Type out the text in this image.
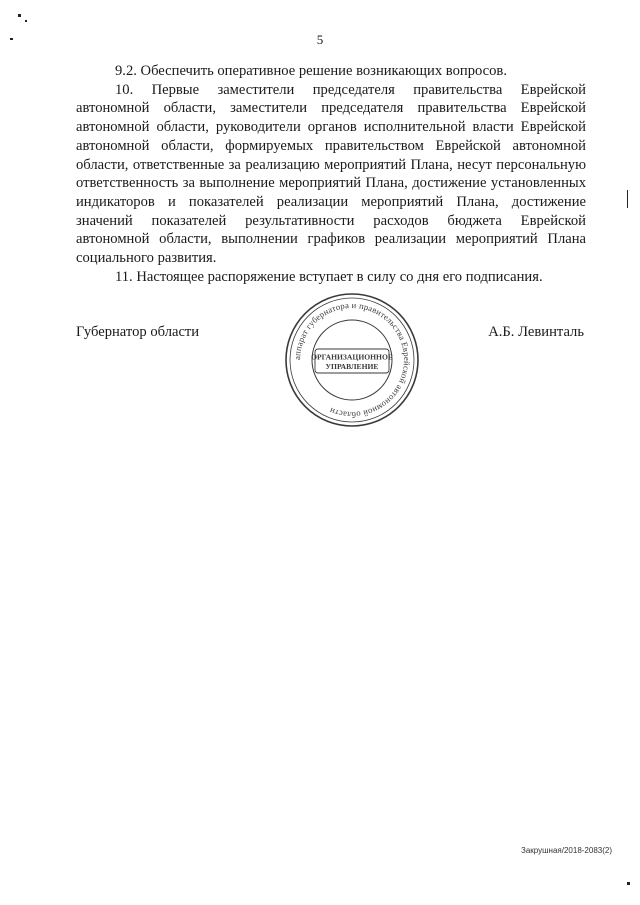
5

9.2. Обеспечить оперативное решение возникающих вопросов.

10. Первые заместители председателя правительства Еврейской автономной области, заместители председателя правительства Еврейской автономной области, руководители органов исполнительной власти Еврейской автономной области, формируемых правительством Еврейской автономной области, ответственные за реализацию мероприятий Плана, несут персональную ответственность за выполнение мероприятий Плана, достижение установленных индикаторов и показателей реализации мероприятий Плана, достижение значений показателей результативности расходов бюджета Еврейской автономной области, выполнении графиков реализации мероприятий Плана социального развития.

11. Настоящее распоряжение вступает в силу со дня его подписания.

Губернатор области	А.Б. Левинталь
аппарат губернатора и правительства Еврейской автономной области
ОРГАНИЗАЦИОННОЕ
УПРАВЛЕНИЕ
Закрушная/2018-2083(2)
